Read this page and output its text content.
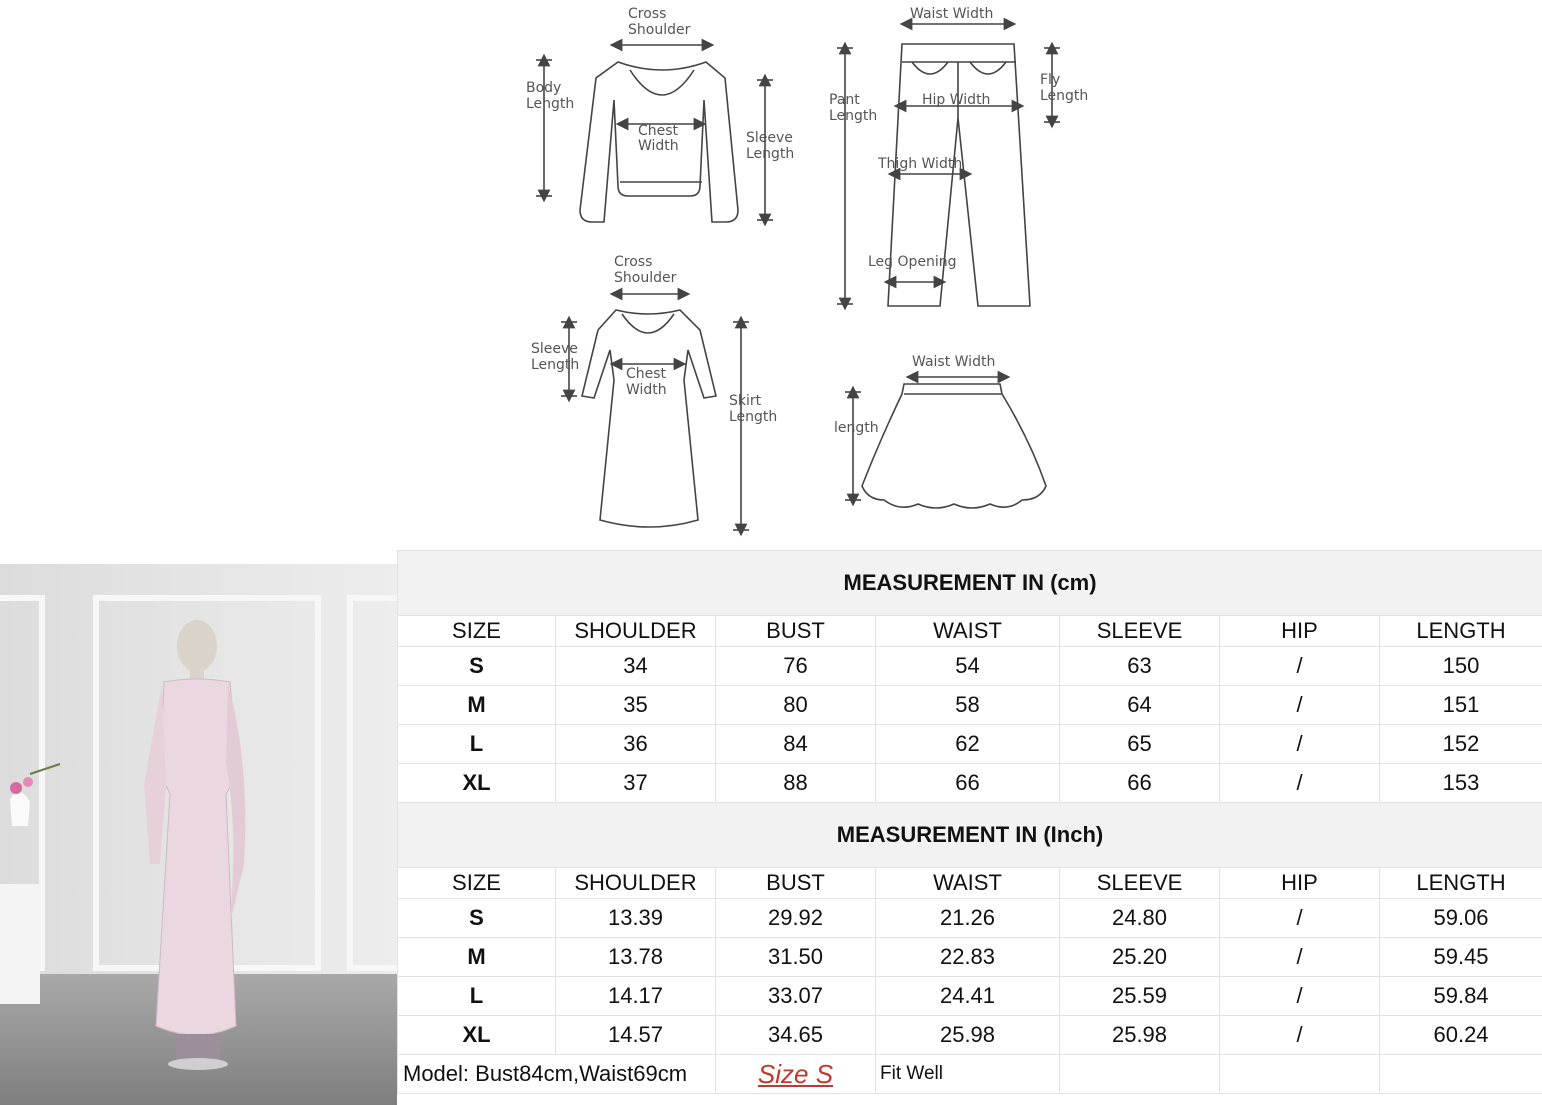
Cross
Shoulder
Body
Length
Chest
Width	Sleeve
Length
Waist Width
Fly
Length
Pant
Length
Hip Width
Thigh Width
Leg Opening
Cross
Shoulder
Sleeve
Length
Chest
Width
Skirt
Length
Waist Width
length
MEASUREMENT IN (cm)						
SIZE	SHOULDER	BUST	WAIST	SLEEVE	HIP	LENGTH
S	34	76	54	63	/	150
M	35	80	58	64	/	151
L	36	84	62	65	/	152
XL	37	88	66	66	/	153
MEASUREMENT IN (Inch)						
SIZE	SHOULDER	BUST	WAIST	SLEEVE	HIP	LENGTH
S	13.39	29.92	21.26	24.80	/	59.06
M	13.78	31.50	22.83	25.20	/	59.45
L	14.17	33.07	24.41	25.59	/	59.84
XL	14.57	34.65	25.98	25.98	/	60.24
Model: Bust84cm,Waist69cm		Size S	Fit Well			
